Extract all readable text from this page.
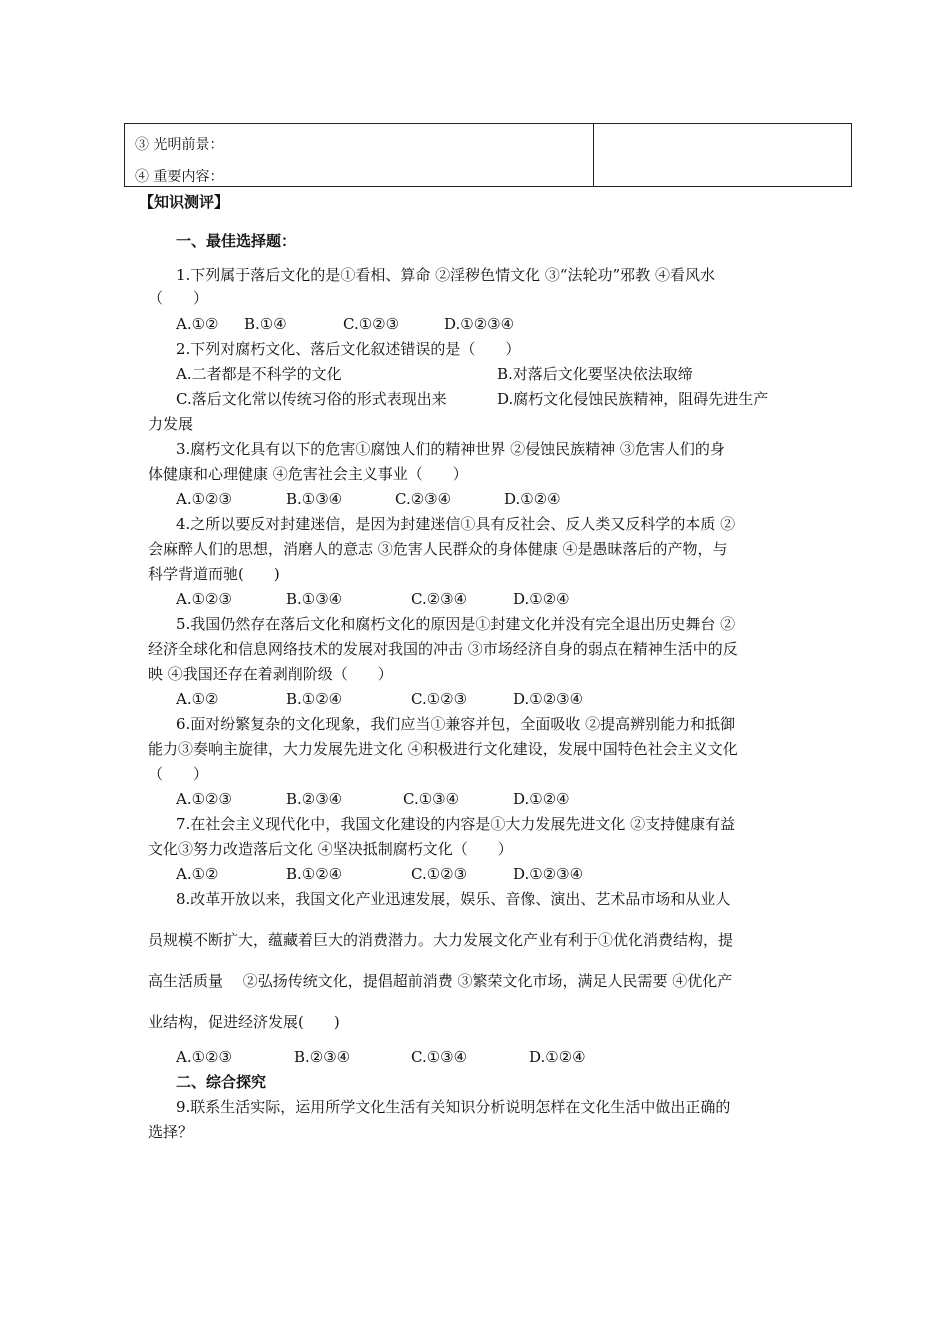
③ 光明前景：
④ 重要内容：
【知识测评】
一、最佳选择题：
1.下列属于落后文化的是①看相、算命 ②淫秽色情文化 ③“法轮功”邪教 ④看风水
（　　）
A.①② B.①④	C.①②③	D.①②③④
2.下列对腐朽文化、落后文化叙述错误的是（　　）
A.二者都是不科学的文化	B.对落后文化要坚决依法取缔
C.落后文化常以传统习俗的形式表现出来	D.腐朽文化侵蚀民族精神，阻碍先进生产
力发展
3.腐朽文化具有以下的危害①腐蚀人们的精神世界 ②侵蚀民族精神 ③危害人们的身
体健康和心理健康 ④危害社会主义事业（　　）
A.①②③	B.①③④	C.②③④	D.①②④
4.之所以要反对封建迷信，是因为封建迷信①具有反社会、反人类又反科学的本质 ②
会麻醉人们的思想，消磨人的意志 ③危害人民群众的身体健康 ④是愚昧落后的产物，与
科学背道而驰(　　)
A.①②③	B.①③④	C.②③④	D.①②④
5.我国仍然存在落后文化和腐朽文化的原因是①封建文化并没有完全退出历史舞台 ②
经济全球化和信息网络技术的发展对我国的冲击 ③市场经济自身的弱点在精神生活中的反
映 ④我国还存在着剥削阶级（　　）
A.①②	B.①②④	C.①②③	D.①②③④
6.面对纷繁复杂的文化现象，我们应当①兼容并包，全面吸收 ②提高辨别能力和抵御
能力③奏响主旋律，大力发展先进文化 ④积极进行文化建设，发展中国特色社会主义文化
（　　）
A.①②③	B.②③④	C.①③④	D.①②④
7.在社会主义现代化中，我国文化建设的内容是①大力发展先进文化 ②支持健康有益
文化③努力改造落后文化 ④坚决抵制腐朽文化（　　）
A.①②	B.①②④	C.①②③	D.①②③④
8.改革开放以来，我国文化产业迅速发展，娱乐、音像、演出、艺术品市场和从业人
员规模不断扩大，蕴藏着巨大的消费潜力。大力发展文化产业有利于①优化消费结构，提
高生活质量　 ②弘扬传统文化，提倡超前消费 ③繁荣文化市场，满足人民需要 ④优化产
业结构，促进经济发展(　　)
A.①②③	B.②③④	C.①③④	D.①②④
二、综合探究
9.联系生活实际，运用所学文化生活有关知识分析说明怎样在文化生活中做出正确的
选择？
